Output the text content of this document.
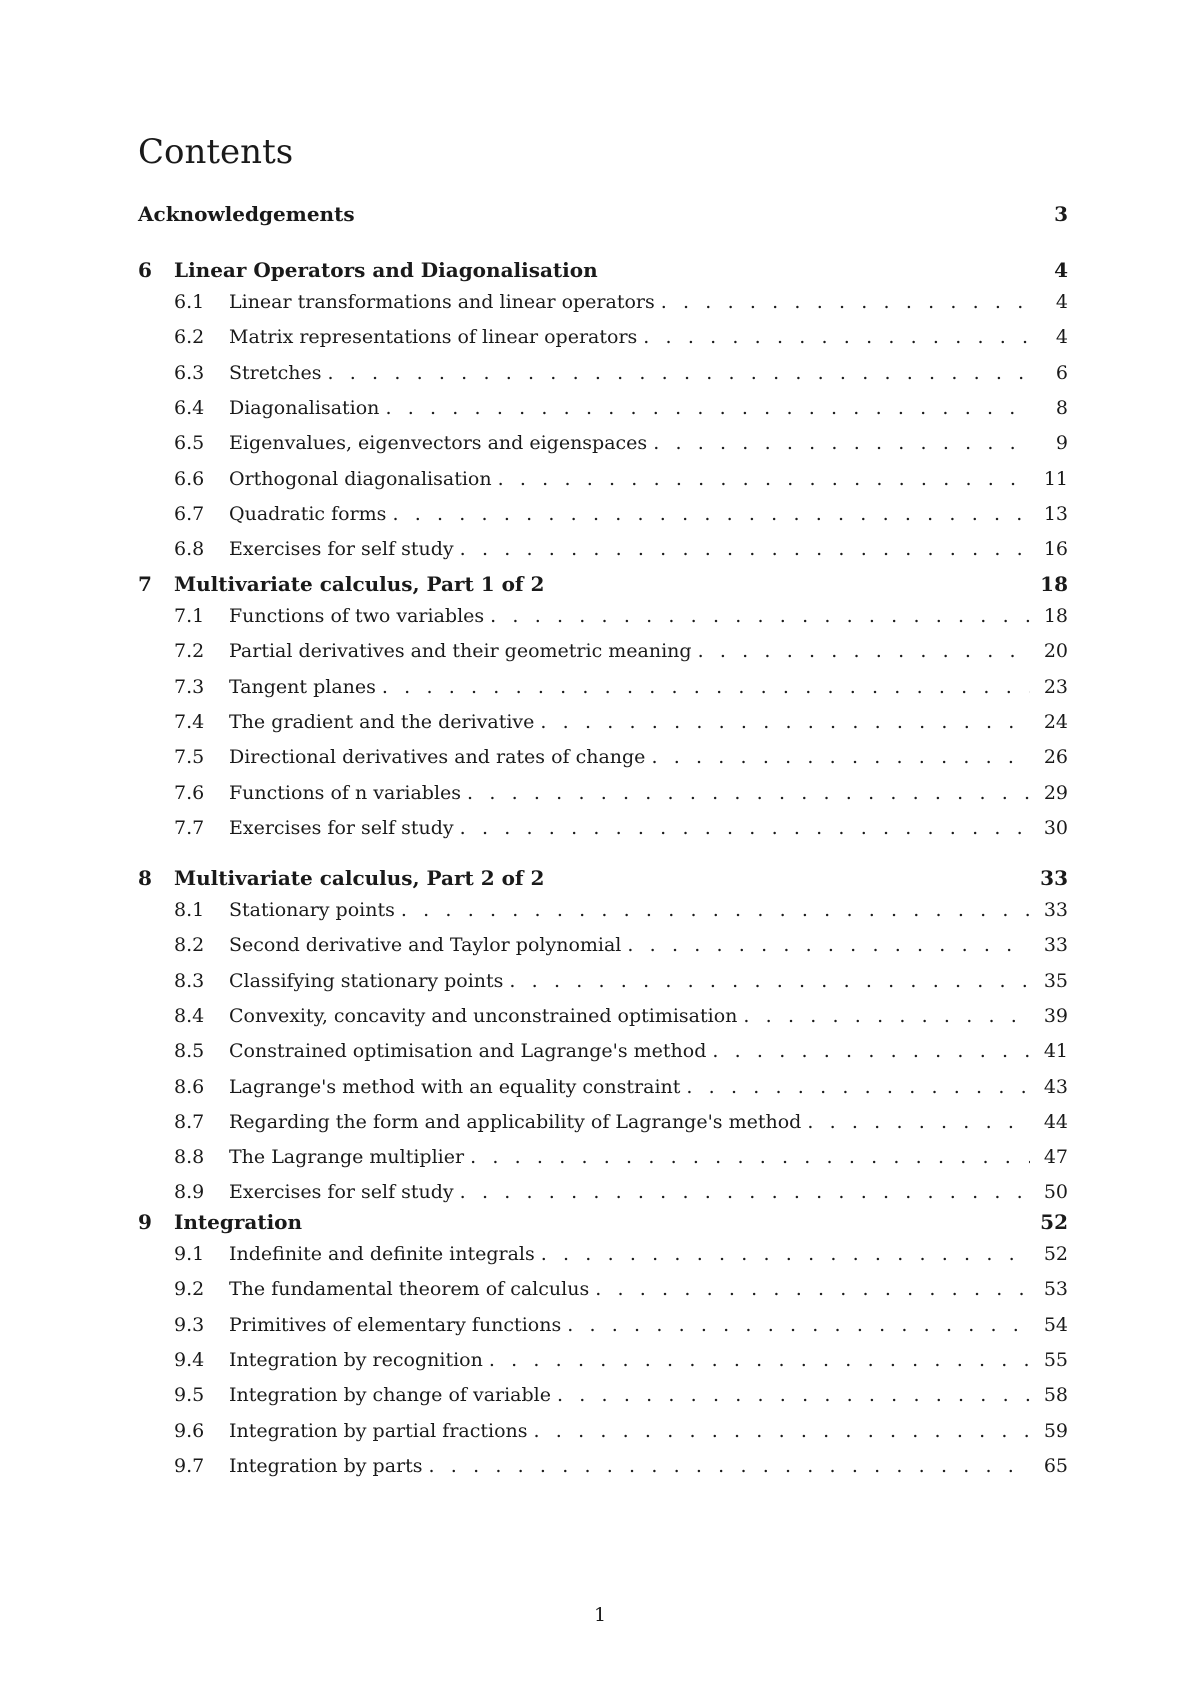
Contents
Acknowledgements	3
6	Linear Operators and Diagonalisation	4
6.1	Linear transformations and linear operators . . .	4
6.2	Matrix representations of linear operators . . .	4
6.3	Stretches . . .	6
6.4	Diagonalisation . . .	8
6.5	Eigenvalues, eigenvectors and eigenspaces . . .	9
6.6	Orthogonal diagonalisation . . .	11
6.7	Quadratic forms . . .	13
6.8	Exercises for self study . . .	16
7	Multivariate calculus, Part 1 of 2	18
7.1	Functions of two variables . . .	18
7.2	Partial derivatives and their geometric meaning . . .	20
7.3	Tangent planes . . .	23
7.4	The gradient and the derivative . . .	24
7.5	Directional derivatives and rates of change . . .	26
7.6	Functions of n variables . . .	29
7.7	Exercises for self study . . .	30
8	Multivariate calculus, Part 2 of 2	33
8.1	Stationary points . . .	33
8.2	Second derivative and Taylor polynomial . . .	33
8.3	Classifying stationary points . . .	35
8.4	Convexity, concavity and unconstrained optimisation . . .	39
8.5	Constrained optimisation and Lagrange's method . . .	41
8.6	Lagrange's method with an equality constraint . . .	43
8.7	Regarding the form and applicability of Lagrange's method . . .	44
8.8	The Lagrange multiplier . . .	47
8.9	Exercises for self study . . .	50
9	Integration	52
9.1	Indefinite and definite integrals . . .	52
9.2	The fundamental theorem of calculus . . .	53
9.3	Primitives of elementary functions . . .	54
9.4	Integration by recognition . . .	55
9.5	Integration by change of variable . . .	58
9.6	Integration by partial fractions . . .	59
9.7	Integration by parts . . .	65
1
